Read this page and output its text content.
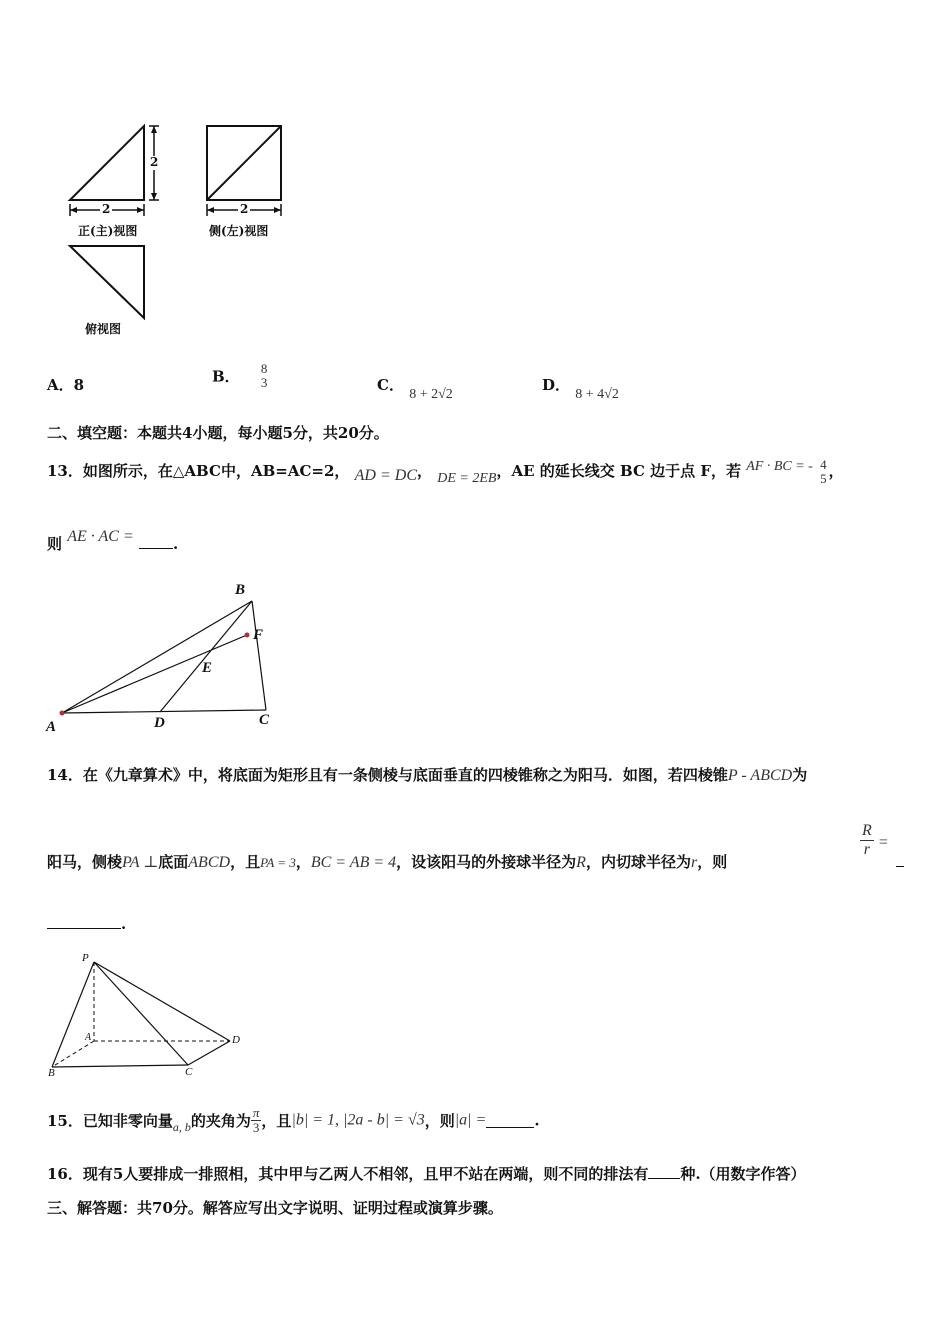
2
2	2
正(主)视图	侧(左)视图
俯视图
A．8	B． 8
3	C． 8 + 2√2
D． 8 + 4√2
二、填空题：本题共4小题，每小题5分，共20分。
13．如图所示，在△ABC中，AB=AC=2， AD = DC， DE = 2EB，AE 的延长线交 BC 边于点 F，若 AF · BC = - 4
5 ，
则 AE · AC =	.
B
F
E
A	D	C
14．在《九章算术》中，将底面为矩形且有一条侧棱与底面垂直的四棱锥称之为阳马．如图，若四棱锥P - ABCD为
阳马，侧棱PA ⊥底面ABCD，且PA = 3，BC = AB = 4，设该阳马的外接球半径为R，内切球半径为r，则
$\frac{R}{r}$ =
.
P
A	D
B	C
15．已知非零向量a, b的夹角为 $\frac{\pi}{3}$ ，且|b| = 1, |2a - b| = √3，则|a| =	.
16．现有5人要排成一排照相，其中甲与乙两人不相邻，且甲不站在两端，则不同的排法有 种.（用数字作答）
三、解答题：共70分。解答应写出文字说明、证明过程或演算步骤。
